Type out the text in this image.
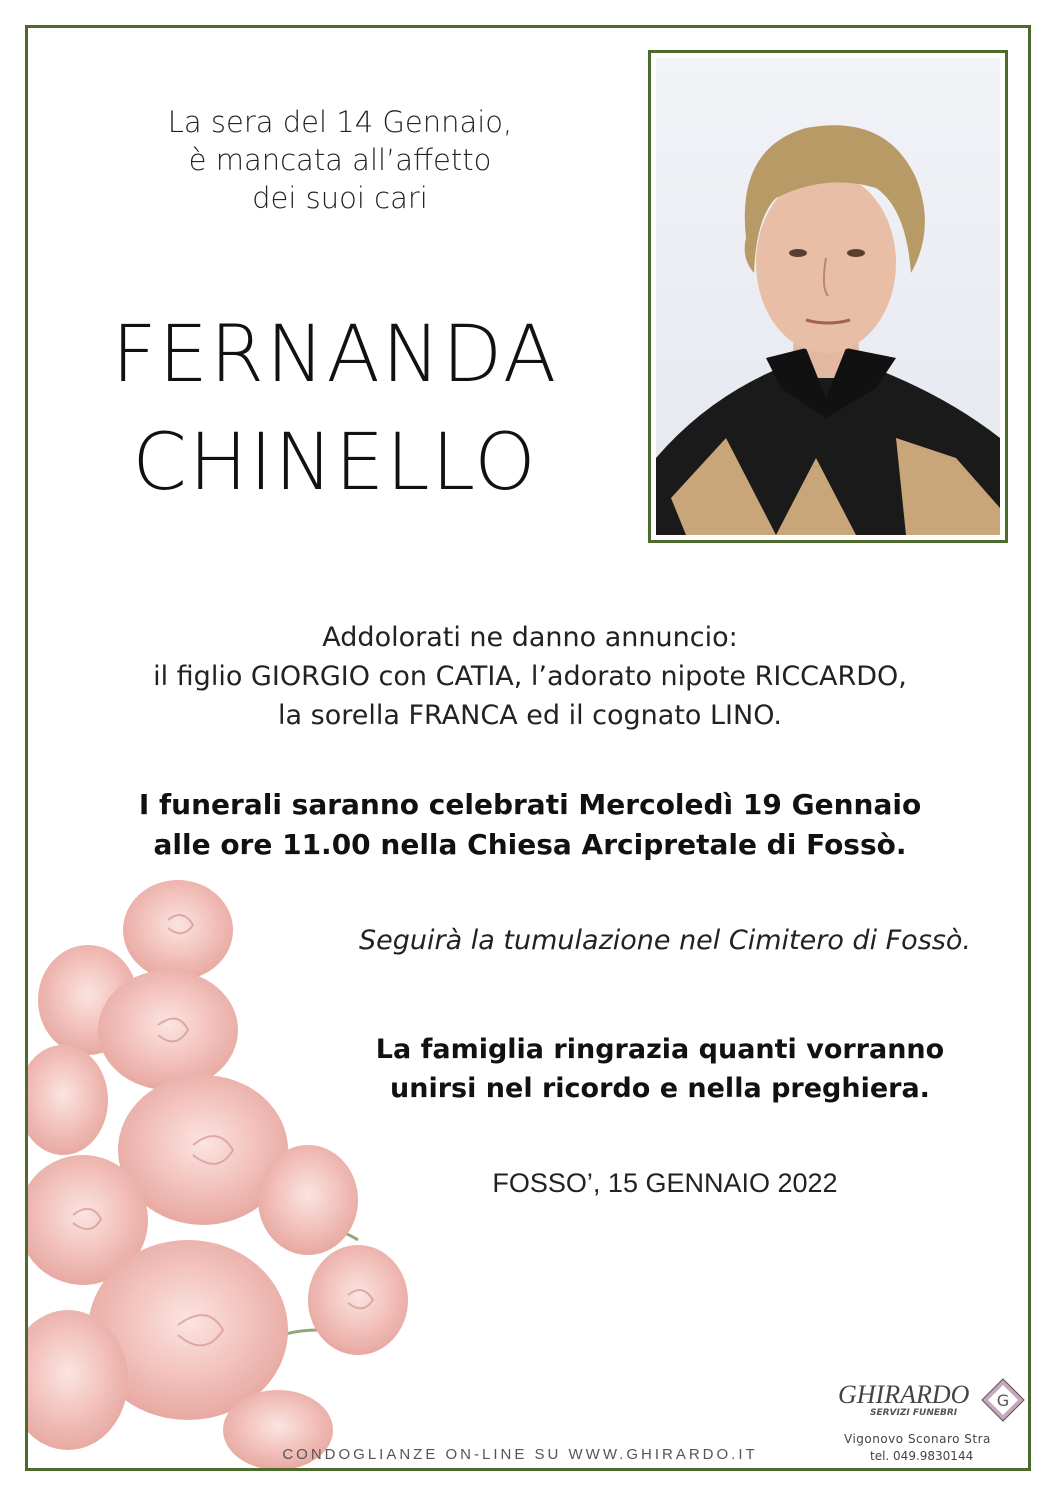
La sera del 14 Gennaio,
è mancata all’affetto
dei suoi cari
FERNANDA
CHINELLO
Addolorati ne danno annuncio:
il figlio GIORGIO con CATIA, l’adorato nipote RICCARDO,
la sorella FRANCA ed il cognato LINO.
I funerali saranno celebrati Mercoledì 19 Gennaio
alle ore 11.00 nella Chiesa Arcipretale di Fossò.
Seguirà la tumulazione nel Cimitero di Fossò.
La famiglia ringrazia quanti vorranno
unirsi nel ricordo e nella preghiera.
FOSSO’, 15 GENNAIO 2022
CONDOGLIANZE ON-LINE SU WWW.GHIRARDO.IT
GHIRARDO
SERVIZI FUNEBRI
G
Vigonovo Sconaro Stra
tel. 049.9830144
